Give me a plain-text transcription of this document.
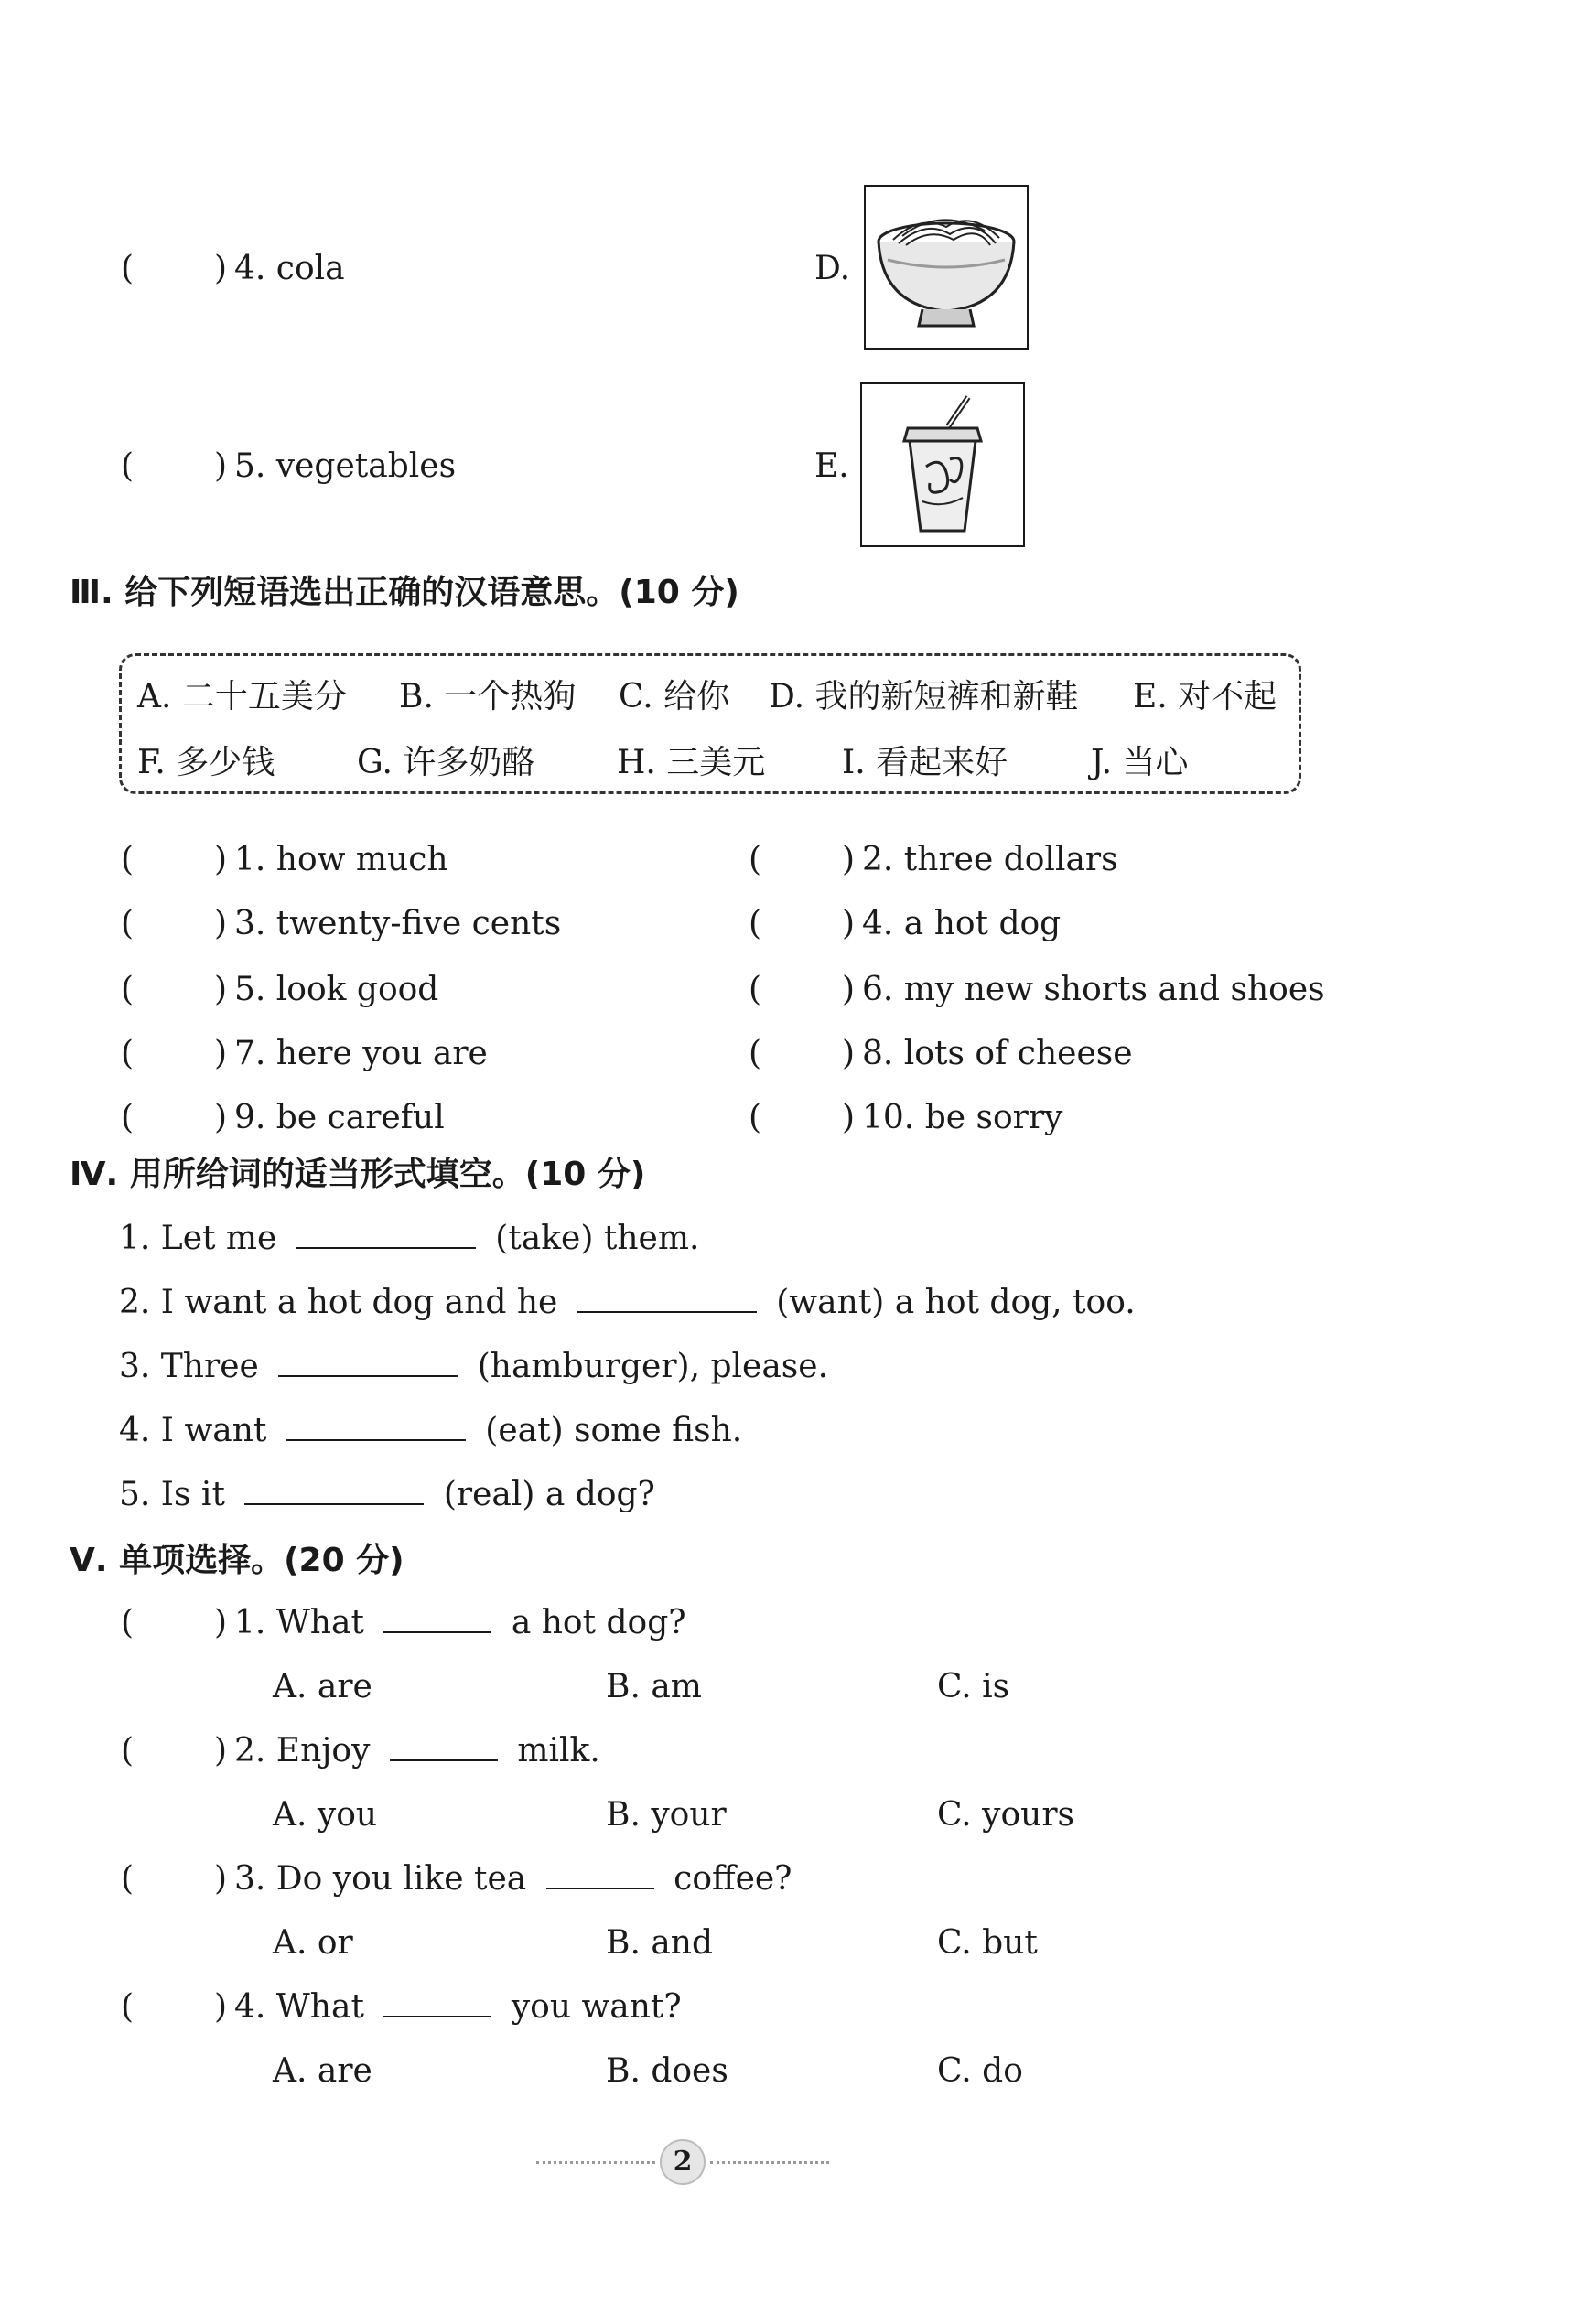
( ) 4. cola	D.
( ) 5. vegetables	E.
Ⅲ. 给下列短语选出正确的汉语意思。(10 分)
A. 二十五美分 B. 一个热狗 C. 给你 D. 我的新短裤和新鞋 E. 对不起
F. 多少钱 G. 许多奶酪 H. 三美元 I. 看起来好	J. 当心
( ) 1. how much	( ) 2. three dollars
( ) 3. twenty-five cents	( ) 4. a hot dog
( ) 5. look good	( ) 6. my new shorts and shoes
( ) 7. here you are	( ) 8. lots of cheese
( ) 9. be careful	( ) 10. be sorry
Ⅳ. 用所给词的适当形式填空。(10 分)
1. Let me	(take) them.
2. I want a hot dog and he	(want) a hot dog, too.
3. Three	(hamburger), please.
4. I want	(eat) some fish.
5. Is it	(real) a dog?
Ⅴ. 单项选择。(20 分)
( ) 1. What	a hot dog?
A. are	B. am	C. is
( ) 2. Enjoy	milk.
A. you	B. your	C. yours
( ) 3. Do you like tea	coffee?
A. or	B. and	C. but
( ) 4. What	you want?
A. are	B. does	C. do
2
